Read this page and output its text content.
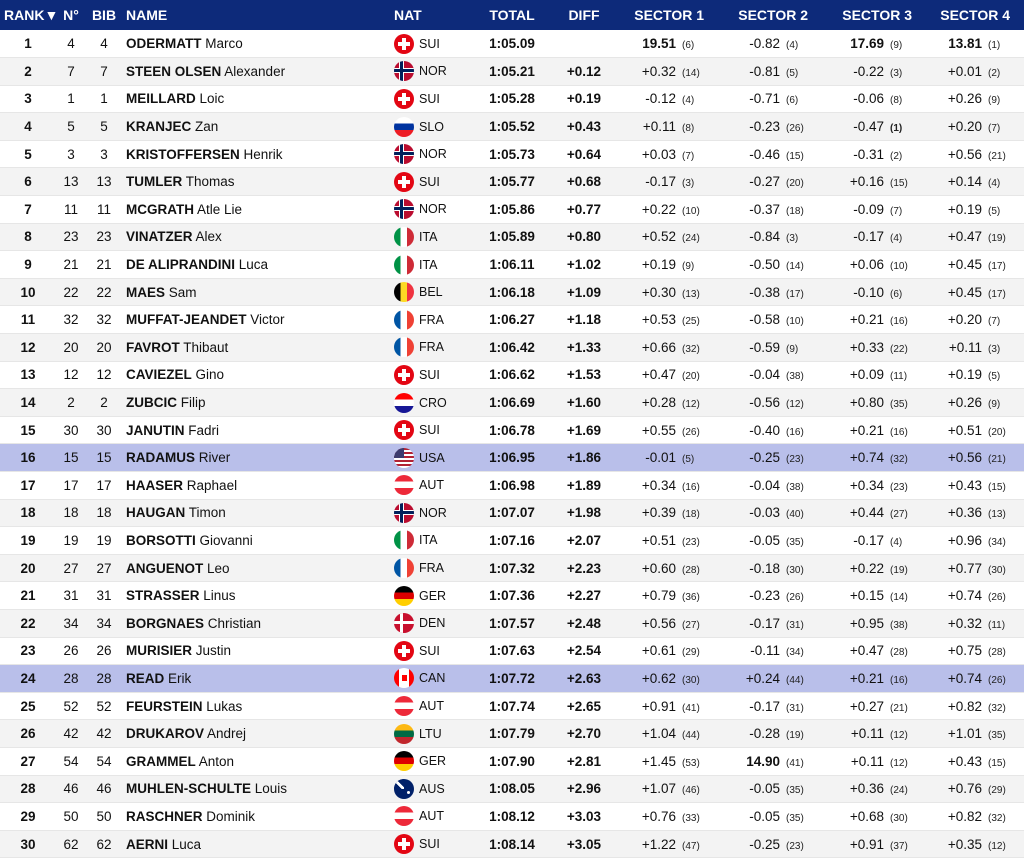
RANK▼	N°	BIB	NAME	NAT	TOTAL	DIFF	SECTOR 1	SECTOR 2	SECTOR 3	SECTOR 4
1	4	4	ODERMATT Marco	SUI	1:05.09		19.51 (6)	-0.82 (4)	17.69 (9)	13.81 (1)
2	7	7	STEEN OLSEN Alexander	NOR	1:05.21	+0.12	+0.32 (14)	-0.81 (5)	-0.22 (3)	+0.01 (2)
3	1	1	MEILLARD Loic	SUI	1:05.28	+0.19	-0.12 (4)	-0.71 (6)	-0.06 (8)	+0.26 (9)
4	5	5	KRANJEC Zan	SLO	1:05.52	+0.43	+0.11 (8)	-0.23 (26)	-0.47 (1)	+0.20 (7)
5	3	3	KRISTOFFERSEN Henrik	NOR	1:05.73	+0.64	+0.03 (7)	-0.46 (15)	-0.31 (2)	+0.56 (21)
6	13	13	TUMLER Thomas	SUI	1:05.77	+0.68	-0.17 (3)	-0.27 (20)	+0.16 (15)	+0.14 (4)
7	11	11	MCGRATH Atle Lie	NOR	1:05.86	+0.77	+0.22 (10)	-0.37 (18)	-0.09 (7)	+0.19 (5)
8	23	23	VINATZER Alex	ITA	1:05.89	+0.80	+0.52 (24)	-0.84 (3)	-0.17 (4)	+0.47 (19)
9	21	21	DE ALIPRANDINI Luca	ITA	1:06.11	+1.02	+0.19 (9)	-0.50 (14)	+0.06 (10)	+0.45 (17)
10	22	22	MAES Sam	BEL	1:06.18	+1.09	+0.30 (13)	-0.38 (17)	-0.10 (6)	+0.45 (17)
11	32	32	MUFFAT-JEANDET Victor	FRA	1:06.27	+1.18	+0.53 (25)	-0.58 (10)	+0.21 (16)	+0.20 (7)
12	20	20	FAVROT Thibaut	FRA	1:06.42	+1.33	+0.66 (32)	-0.59 (9)	+0.33 (22)	+0.11 (3)
13	12	12	CAVIEZEL Gino	SUI	1:06.62	+1.53	+0.47 (20)	-0.04 (38)	+0.09 (11)	+0.19 (5)
14	2	2	ZUBCIC Filip	CRO	1:06.69	+1.60	+0.28 (12)	-0.56 (12)	+0.80 (35)	+0.26 (9)
15	30	30	JANUTIN Fadri	SUI	1:06.78	+1.69	+0.55 (26)	-0.40 (16)	+0.21 (16)	+0.51 (20)
16	15	15	RADAMUS River	USA	1:06.95	+1.86	-0.01 (5)	-0.25 (23)	+0.74 (32)	+0.56 (21)
17	17	17	HAASER Raphael	AUT	1:06.98	+1.89	+0.34 (16)	-0.04 (38)	+0.34 (23)	+0.43 (15)
18	18	18	HAUGAN Timon	NOR	1:07.07	+1.98	+0.39 (18)	-0.03 (40)	+0.44 (27)	+0.36 (13)
19	19	19	BORSOTTI Giovanni	ITA	1:07.16	+2.07	+0.51 (23)	-0.05 (35)	-0.17 (4)	+0.96 (34)
20	27	27	ANGUENOT Leo	FRA	1:07.32	+2.23	+0.60 (28)	-0.18 (30)	+0.22 (19)	+0.77 (30)
21	31	31	STRASSER Linus	GER	1:07.36	+2.27	+0.79 (36)	-0.23 (26)	+0.15 (14)	+0.74 (26)
22	34	34	BORGNAES Christian	DEN	1:07.57	+2.48	+0.56 (27)	-0.17 (31)	+0.95 (38)	+0.32 (11)
23	26	26	MURISIER Justin	SUI	1:07.63	+2.54	+0.61 (29)	-0.11 (34)	+0.47 (28)	+0.75 (28)
24	28	28	READ Erik	CAN	1:07.72	+2.63	+0.62 (30)	+0.24 (44)	+0.21 (16)	+0.74 (26)
25	52	52	FEURSTEIN Lukas	AUT	1:07.74	+2.65	+0.91 (41)	-0.17 (31)	+0.27 (21)	+0.82 (32)
26	42	42	DRUKAROV Andrej	LTU	1:07.79	+2.70	+1.04 (44)	-0.28 (19)	+0.11 (12)	+1.01 (35)
27	54	54	GRAMMEL Anton	GER	1:07.90	+2.81	+1.45 (53)	14.90 (41)	+0.11 (12)	+0.43 (15)
28	46	46	MUHLEN-SCHULTE Louis	AUS	1:08.05	+2.96	+1.07 (46)	-0.05 (35)	+0.36 (24)	+0.76 (29)
29	50	50	RASCHNER Dominik	AUT	1:08.12	+3.03	+0.76 (33)	-0.05 (35)	+0.68 (30)	+0.82 (32)
30	62	62	AERNI Luca	SUI	1:08.14	+3.05	+1.22 (47)	-0.25 (23)	+0.91 (37)	+0.35 (12)
